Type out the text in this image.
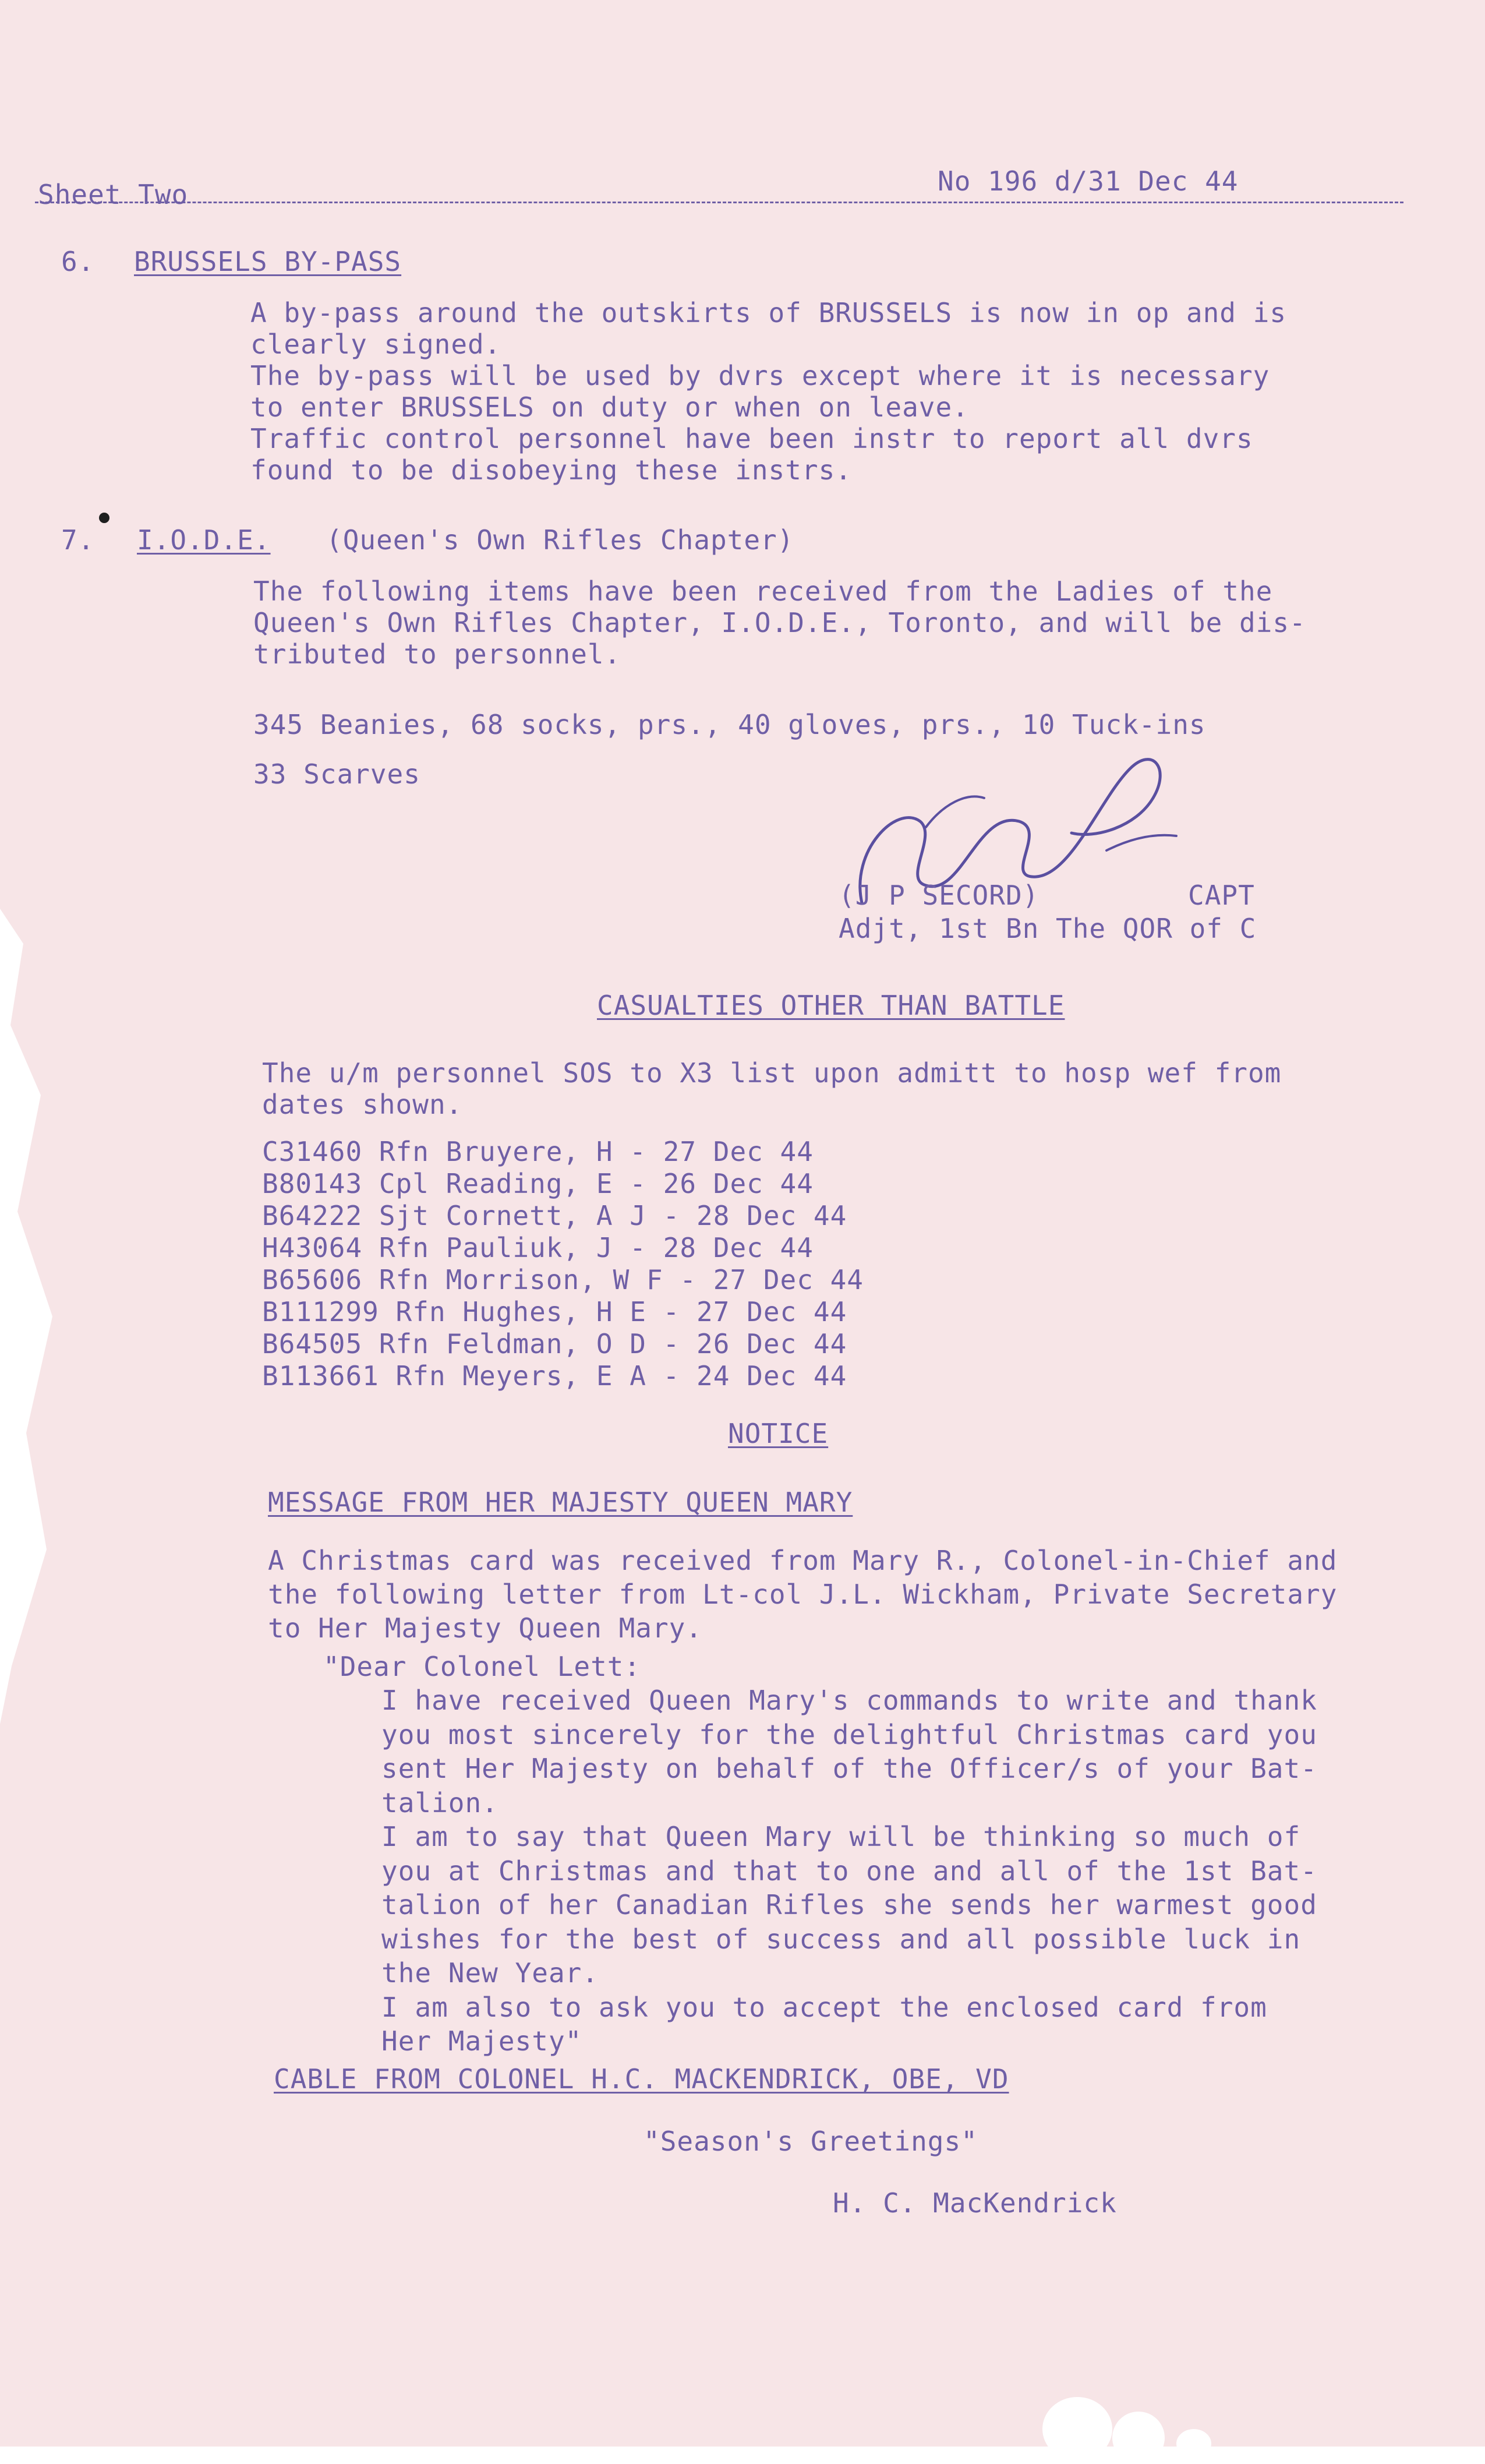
Sheet Two	No 196 d/31 Dec 44
6. BRUSSELS BY-PASS
A by-pass around the outskirts of BRUSSELS is now in op and is
clearly signed.
The by-pass will be used by dvrs except where it is necessary
to enter BRUSSELS on duty or when on leave.
Traffic control personnel have been instr to report all dvrs
found to be disobeying these instrs.
7. I.O.D.E. (Queen's Own Rifles Chapter)
The following items have been received from the Ladies of the
Queen's Own Rifles Chapter, I.O.D.E., Toronto, and will be dis-
tributed to personnel.
345 Beanies, 68 socks, prs., 40 gloves, prs., 10 Tuck-ins
33 Scarves
(J P SECORD)	CAPT
Adjt, 1st Bn The QOR of C
CASUALTIES OTHER THAN BATTLE
The u/m personnel SOS to X3 list upon admitt to hosp wef from
dates shown.
C31460 Rfn Bruyere, H - 27 Dec 44
B80143 Cpl Reading, E - 26 Dec 44
B64222 Sjt Cornett, A J - 28 Dec 44
H43064 Rfn Pauliuk, J - 28 Dec 44
B65606 Rfn Morrison, W F - 27 Dec 44
B111299 Rfn Hughes, H E - 27 Dec 44
B64505 Rfn Feldman, O D - 26 Dec 44
B113661 Rfn Meyers, E A - 24 Dec 44
NOTICE
MESSAGE FROM HER MAJESTY QUEEN MARY
A Christmas card was received from Mary R., Colonel-in-Chief and
the following letter from Lt-col J.L. Wickham, Private Secretary
to Her Majesty Queen Mary.
"Dear Colonel Lett:
I have received Queen Mary's commands to write and thank
you most sincerely for the delightful Christmas card you
sent Her Majesty on behalf of the Officer/s of your Bat-
talion.
I am to say that Queen Mary will be thinking so much of
you at Christmas and that to one and all of the 1st Bat-
talion of her Canadian Rifles she sends her warmest good
wishes for the best of success and all possible luck in
the New Year.
I am also to ask you to accept the enclosed card from
Her Majesty"
CABLE FROM COLONEL H.C. MACKENDRICK, OBE, VD
"Season's Greetings"
H. C. MacKendrick
